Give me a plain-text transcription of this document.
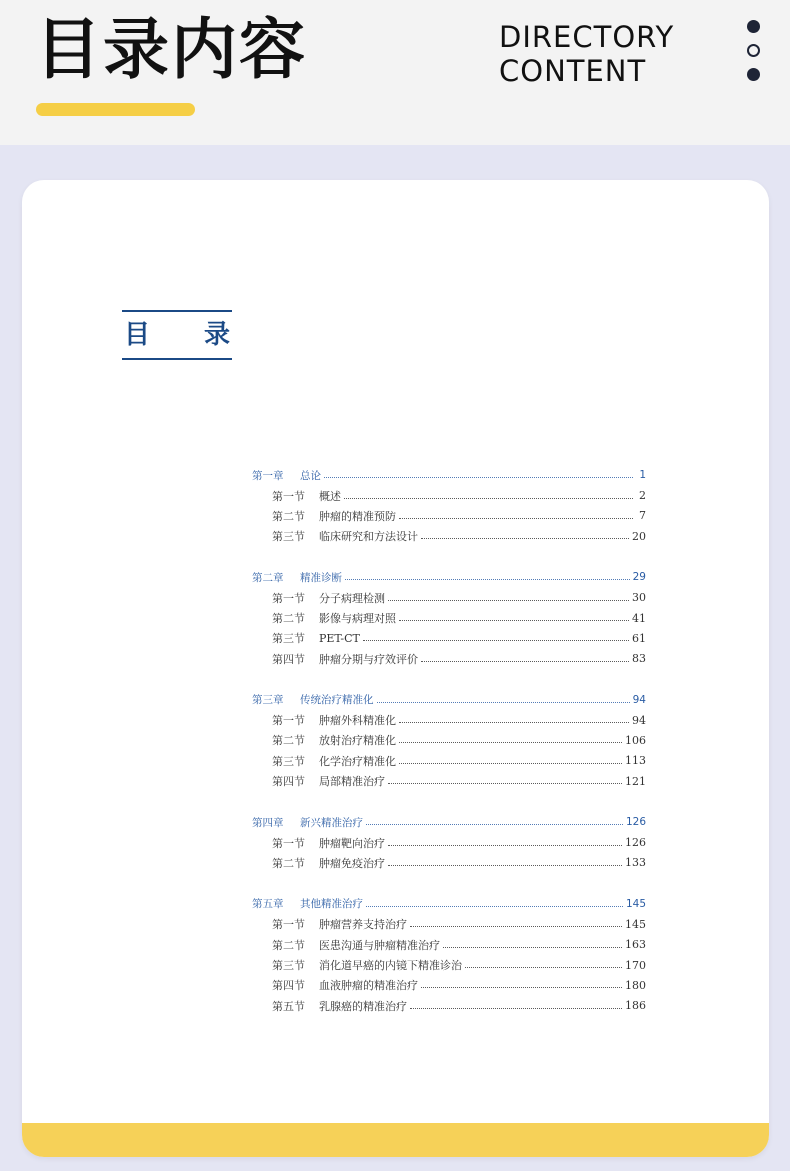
目录内容	DIRECTORY
CONTENT
目 录
第一章	总论	1
第一节	概述	2
第二节	肿瘤的精准预防	7
第三节	临床研究和方法设计	20
第二章	精准诊断	29
第一节	分子病理检测	30
第二节	影像与病理对照	41
第三节	PET-CT	61
第四节	肿瘤分期与疗效评价	83
第三章	传统治疗精准化	94
第一节	肿瘤外科精准化	94
第二节	放射治疗精准化	106
第三节	化学治疗精准化	113
第四节	局部精准治疗	121
第四章	新兴精准治疗	126
第一节	肿瘤靶向治疗	126
第二节	肿瘤免疫治疗	133
第五章	其他精准治疗	145
第一节	肿瘤营养支持治疗	145
第二节	医患沟通与肿瘤精准治疗	163
第三节	消化道早癌的内镜下精准诊治	170
第四节	血液肿瘤的精准治疗	180
第五节	乳腺癌的精准治疗	186
